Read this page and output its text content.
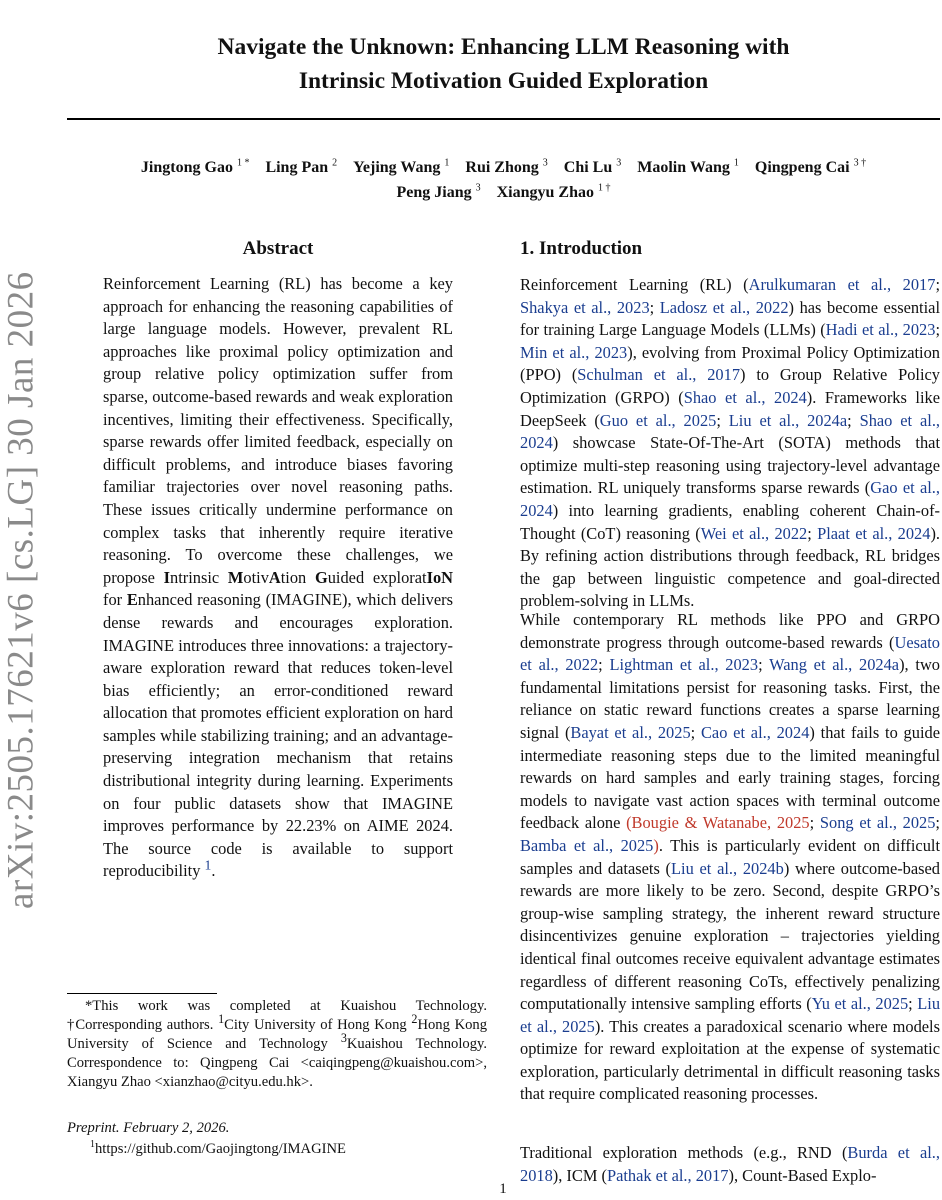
arXiv:2505.17621v6 [cs.LG] 30 Jan 2026
Navigate the Unknown: Enhancing LLM Reasoning with
Intrinsic Motivation Guided Exploration
Jingtong Gao $^{1 *}$ Ling Pan $^2$ Yejing Wang $^1$ Rui Zhong $^3$ Chi Lu $^3$ Maolin Wang $^1$ Qingpeng Cai $^{3 \dagger}$
Peng Jiang $^3$ Xiangyu Zhao $^{1 \dagger}$
Abstract
Reinforcement Learning (RL) has become a key approach for enhancing the reasoning capabilities of large language models. However, prevalent RL approaches like proximal policy optimization and group relative policy optimization suffer from sparse, outcome-based rewards and weak exploration incentives, limiting their effectiveness. Specifically, sparse rewards offer limited feedback, especially on difficult problems, and introduce biases favoring familiar trajectories over novel reasoning paths. These issues critically undermine performance on complex tasks that inherently require iterative reasoning. To overcome these challenges, we propose Intrinsic MotivAtion Guided exploratIoN for Enhanced reasoning (IMAGINE), which delivers dense rewards and encourages exploration. IMAGINE introduces three innovations: a trajectory-aware exploration reward that reduces token-level bias efficiently; an error-conditioned reward allocation that promotes efficient exploration on hard samples while stabilizing training; and an advantage-preserving integration mechanism that retains distributional integrity during learning. Experiments on four public datasets show that IMAGINE improves performance by 22.23% on AIME 2024. The source code is available to support reproducibility $^1$.
1. Introduction
Reinforcement Learning (RL) (Arulkumaran et al., 2017; Shakya et al., 2023; Ladosz et al., 2022) has become essential for training Large Language Models (LLMs) (Hadi et al., 2023; Min et al., 2023), evolving from Proximal Policy Optimization (PPO) (Schulman et al., 2017) to Group Relative Policy Optimization (GRPO) (Shao et al., 2024). Frameworks like DeepSeek (Guo et al., 2025; Liu et al., 2024a; Shao et al., 2024) showcase State-Of-The-Art (SOTA) methods that optimize multi-step reasoning using trajectory-level advantage estimation. RL uniquely transforms sparse rewards (Gao et al., 2024) into learning gradients, enabling coherent Chain-of-Thought (CoT) reasoning (Wei et al., 2022; Plaat et al., 2024). By refining action distributions through feedback, RL bridges the gap between linguistic competence and goal-directed problem-solving in LLMs.
While contemporary RL methods like PPO and GRPO demonstrate progress through outcome-based rewards (Uesato et al., 2022; Lightman et al., 2023; Wang et al., 2024a), two fundamental limitations persist for reasoning tasks. First, the reliance on static reward functions creates a sparse learning signal (Bayat et al., 2025; Cao et al., 2024) that fails to guide intermediate reasoning steps due to the limited meaningful rewards on hard samples and early training stages, forcing models to navigate vast action spaces with terminal outcome feedback alone (Bougie & Watanabe, 2025; Song et al., 2025; Bamba et al., 2025). This is particularly evident on difficult samples and datasets (Liu et al., 2024b) where outcome-based rewards are more likely to be zero. Second, despite GRPO’s group-wise sampling strategy, the inherent reward structure disincentivizes genuine exploration – trajectories yielding identical final outcomes receive equivalent advantage estimates regardless of different reasoning CoTs, effectively penalizing computationally intensive sampling efforts (Yu et al., 2025; Liu et al., 2025). This creates a paradoxical scenario where models optimize for reward exploitation at the expense of systematic exploration, particularly detrimental in difficult reasoning tasks that require complicated reasoning processes.
Traditional exploration methods (e.g., RND (Burda et al., 2018), ICM (Pathak et al., 2017), Count-Based Explo-
*This work was completed at Kuaishou Technology. †Corresponding authors. $^1$City University of Hong Kong $^2$Hong Kong University of Science and Technology $^3$Kuaishou Technology. Correspondence to: Qingpeng Cai <caiqingpeng@kuaishou.com>, Xiangyu Zhao <xianzhao@cityu.edu.hk>.
Preprint. February 2, 2026.
$^1$https://github.com/Gaojingtong/IMAGINE
1
